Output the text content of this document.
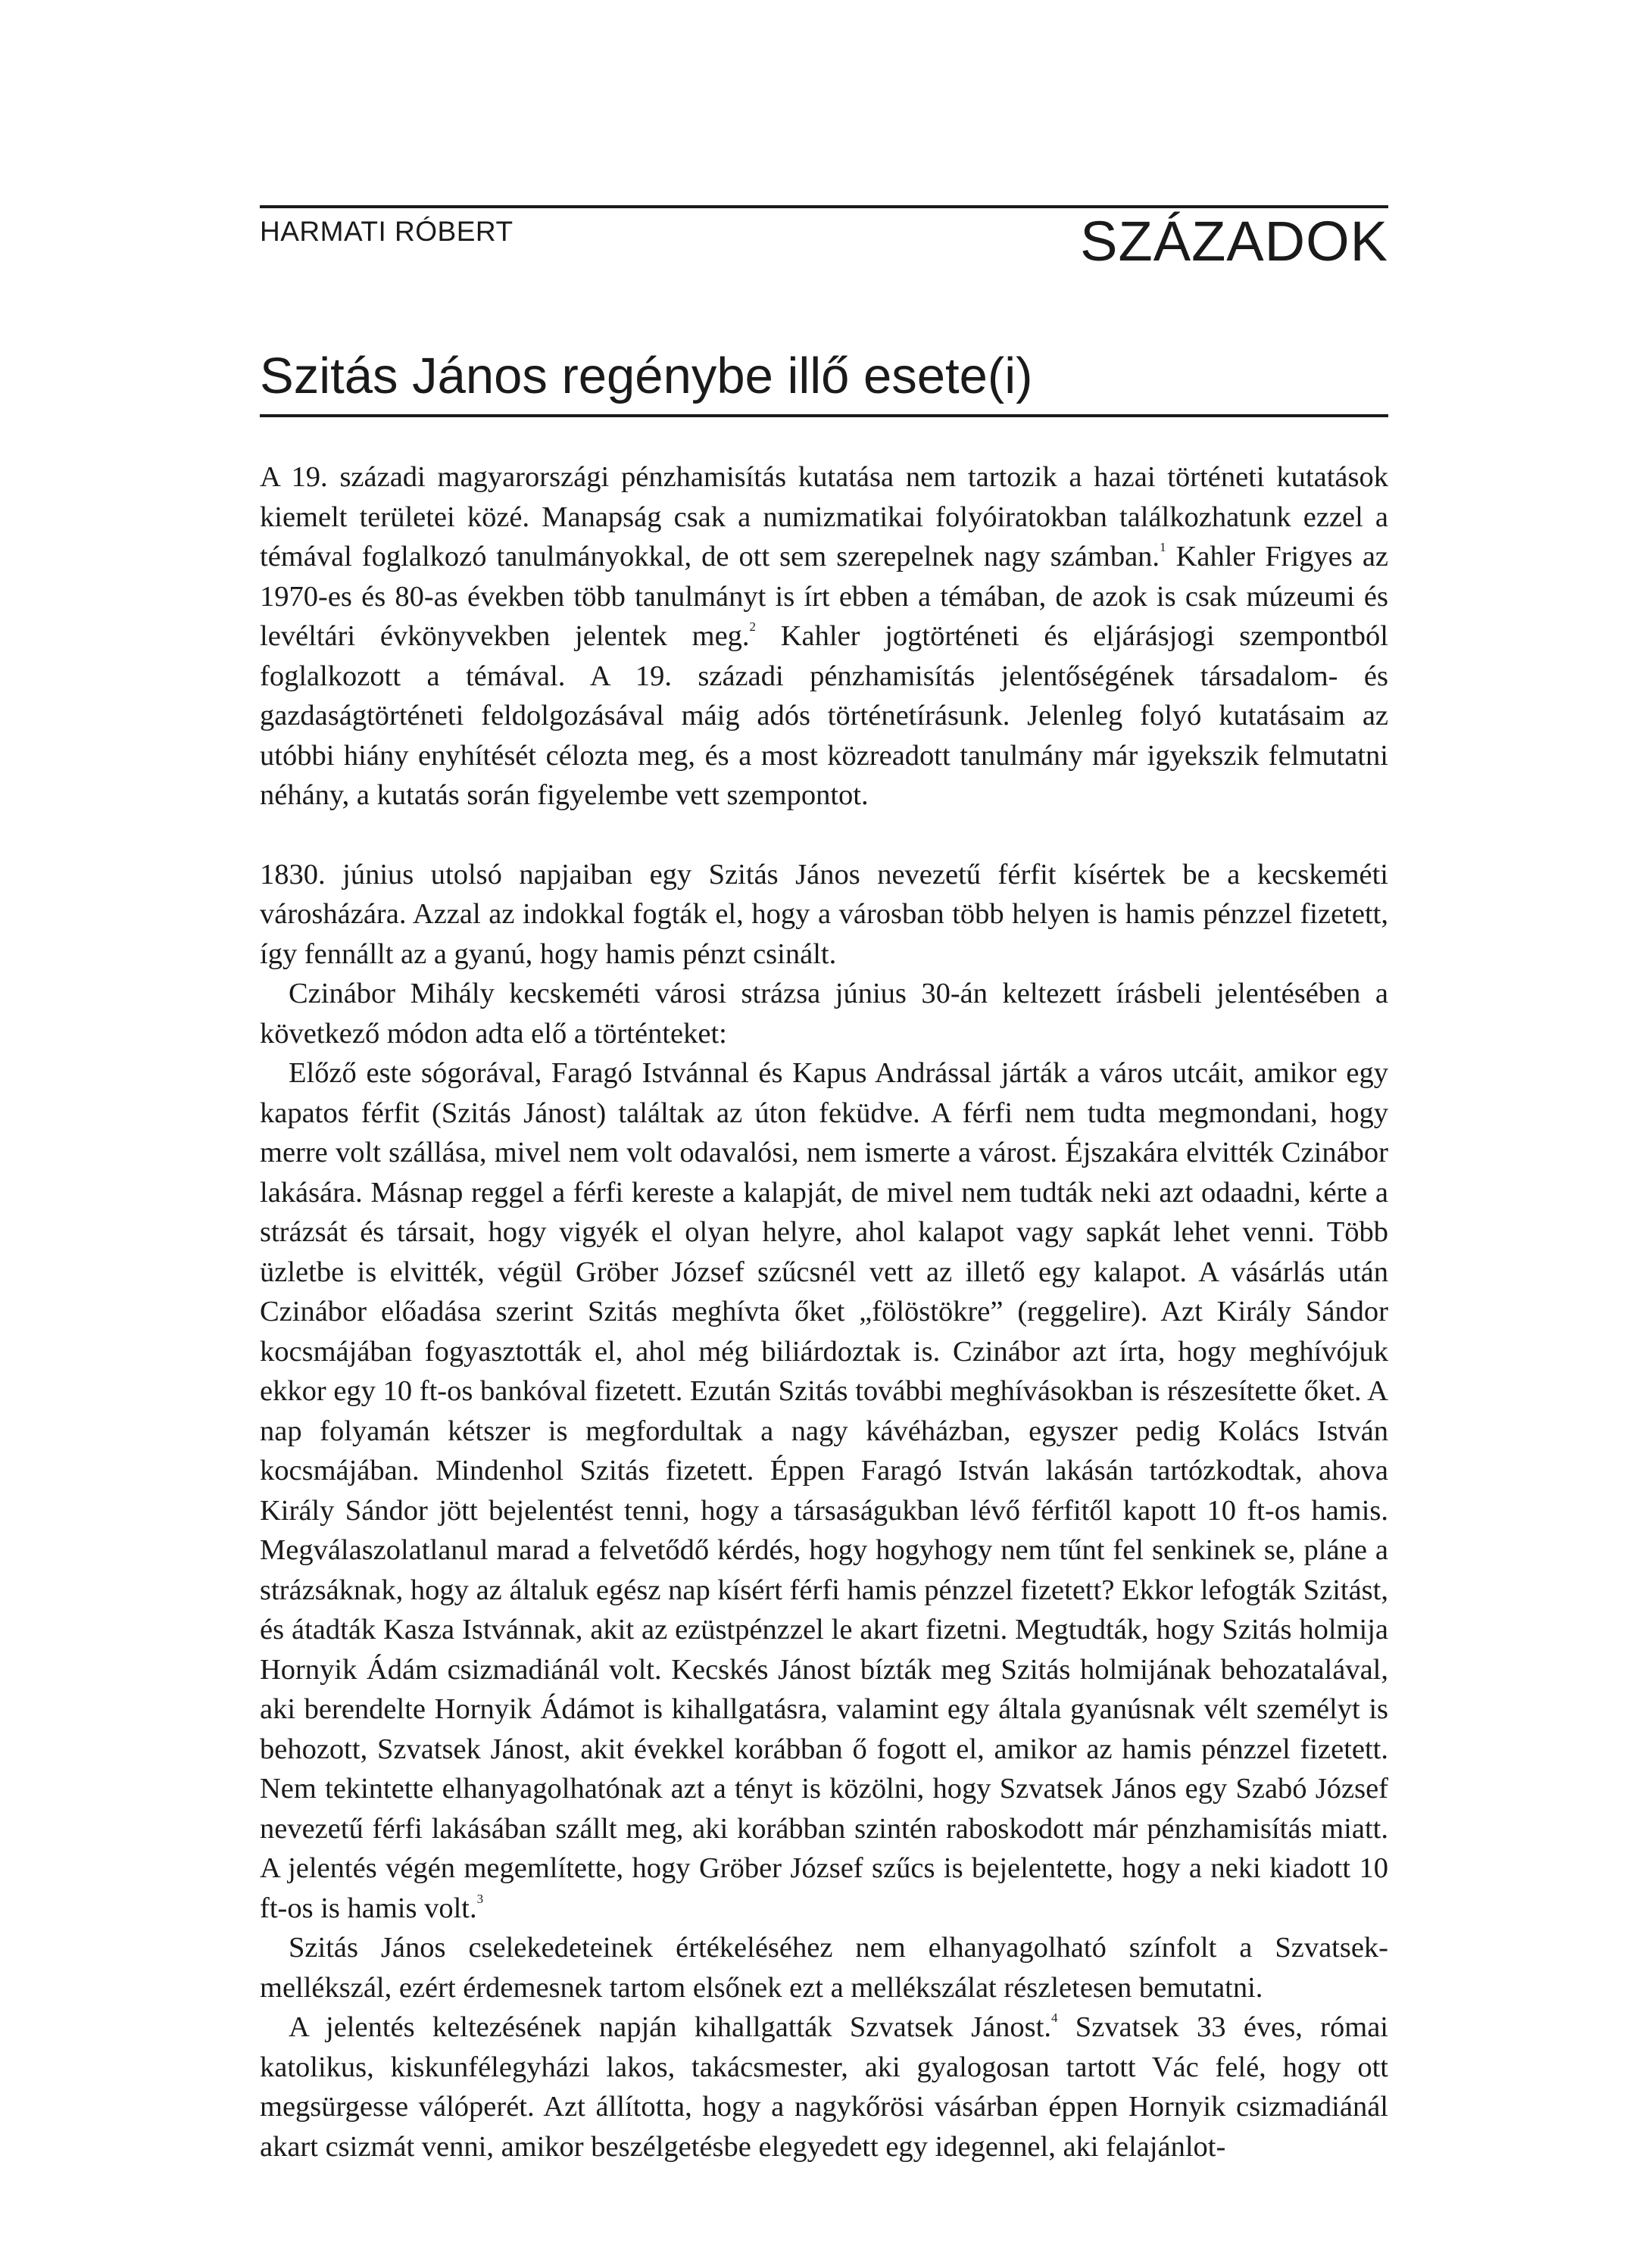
HARMATI RÓBERT	SZÁZADOK
Szitás János regénybe illő esete(i)

A 19. századi magyarországi pénzhamisítás kutatása nem tartozik a hazai történeti kutatások kiemelt területei közé. Manapság csak a numizmatikai folyóiratokban találkozhatunk ezzel a témával foglalkozó tanulmányokkal, de ott sem szerepelnek nagy számban.$^1$ Kahler Frigyes az 1970-es és 80-as években több tanulmányt is írt ebben a témában, de azok is csak múzeumi és levéltári évkönyvekben jelentek meg.$^2$ Kahler jogtörténeti és eljárásjogi szempontból foglalkozott a témával. A 19. századi pénzhamisítás jelentőségének társadalom- és gazdaságtörténeti feldolgozásával máig adós történetírásunk. Jelenleg folyó kutatásaim az utóbbi hiány enyhítését célozta meg, és a most közreadott tanulmány már igyekszik felmutatni néhány, a kutatás során figyelembe vett szempontot.

1830. június utolsó napjaiban egy Szitás János nevezetű férfit kísértek be a kecskeméti városházára. Azzal az indokkal fogták el, hogy a városban több helyen is hamis pénzzel fizetett, így fennállt az a gyanú, hogy hamis pénzt csinált.

Czinábor Mihály kecskeméti városi strázsa június 30-án keltezett írásbeli jelentésében a következő módon adta elő a történteket:

Előző este sógorával, Faragó Istvánnal és Kapus Andrással járták a város utcáit, amikor egy kapatos férfit (Szitás Jánost) találtak az úton feküdve. A férfi nem tudta megmondani, hogy merre volt szállása, mivel nem volt odavalósi, nem ismerte a várost. Éjszakára elvitték Czinábor lakására. Másnap reggel a férfi kereste a kalapját, de mivel nem tudták neki azt odaadni, kérte a strázsát és társait, hogy vigyék el olyan helyre, ahol kalapot vagy sapkát lehet venni. Több üzletbe is elvitték, végül Gröber József szűcsnél vett az illető egy kalapot. A vásárlás után Czinábor előadása szerint Szitás meghívta őket „fölöstökre” (reggelire). Azt Király Sándor kocsmájában fogyasztották el, ahol még biliárdoztak is. Czinábor azt írta, hogy meghívójuk ekkor egy 10 ft-os bankóval fizetett. Ezután Szitás további meghívásokban is részesítette őket. A nap folyamán kétszer is megfordultak a nagy kávéházban, egyszer pedig Kolács István kocsmájában. Mindenhol Szitás fizetett. Éppen Faragó István lakásán tartózkodtak, ahova Király Sándor jött bejelentést tenni, hogy a társaságukban lévő férfitől kapott 10 ft-os hamis. Megválaszolatlanul marad a felvetődő kérdés, hogy hogyhogy nem tűnt fel senkinek se, pláne a strázsáknak, hogy az általuk egész nap kísért férfi hamis pénzzel fizetett? Ekkor lefogták Szitást, és átadták Kasza Istvánnak, akit az ezüstpénzzel le akart fizetni. Megtudták, hogy Szitás holmija Hornyik Ádám csizmadiánál volt. Kecskés Jánost bízták meg Szitás holmijának behozatalával, aki berendelte Hornyik Ádámot is kihallgatásra, valamint egy általa gyanúsnak vélt személyt is behozott, Szvatsek Jánost, akit évekkel korábban ő fogott el, amikor az hamis pénzzel fizetett. Nem tekintette elhanyagolhatónak azt a tényt is közölni, hogy Szvatsek János egy Szabó József nevezetű férfi lakásában szállt meg, aki korábban szintén raboskodott már pénzhamisítás miatt. A jelentés végén megemlítette, hogy Gröber József szűcs is bejelentette, hogy a neki kiadott 10 ft-os is hamis volt.$^3$

Szitás János cselekedeteinek értékeléséhez nem elhanyagolható színfolt a Szvatsek-mellékszál, ezért érdemesnek tartom elsőnek ezt a mellékszálat részletesen bemutatni.

A jelentés keltezésének napján kihallgatták Szvatsek Jánost.$^4$ Szvatsek 33 éves, római katolikus, kiskunfélegyházi lakos, takácsmester, aki gyalogosan tartott Vác felé, hogy ott megsürgesse válóperét. Azt állította, hogy a nagykőrösi vásárban éppen Hornyik csizmadiánál akart csizmát venni, amikor beszélgetésbe elegyedett egy idegennel, aki felajánlot-
